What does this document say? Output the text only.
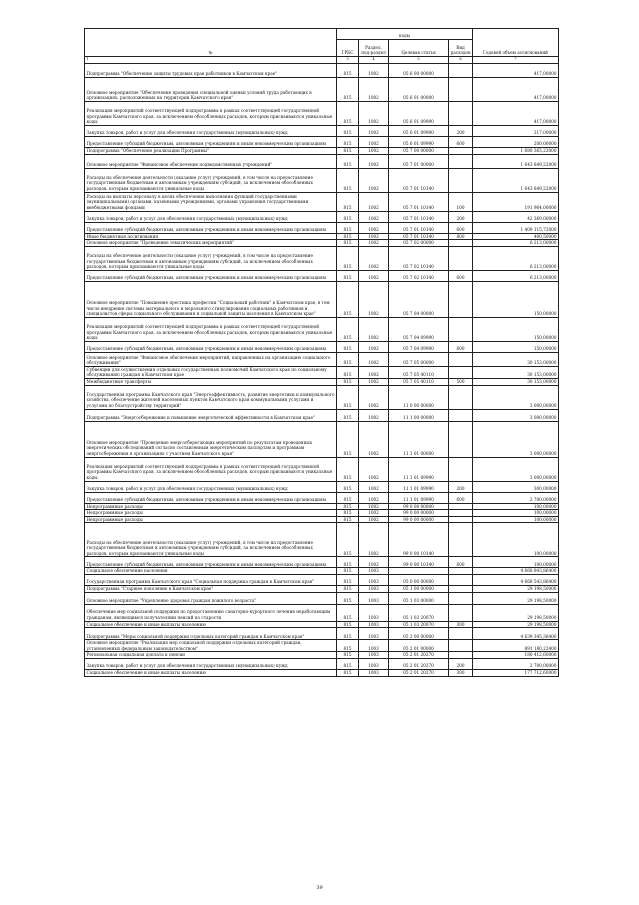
№	коды				Годовой объем ассигнований
	ГРБС	Раздел, под-раздел	Целевая статья	Вид расходов	
1	3	4	5	6	7
Подпрограмма "Обеспечение защиты трудовых прав работников в Камчатском крае"	815	1002	05 6 00 00000		417,00000
Основное мероприятие "Обеспечение проведения специальной оценки условий труда работающих в организациях, расположенных на территории Камчатского края"	815	1002	05 6 01 00000		417,00000
Реализация мероприятий соответствующей подпрограммы в рамках соответствующей государственной программы Камчатского края, за исключением обособленных расходов, которым присваиваются уникальные коды	815	1002	05 6 01 09990		417,00000
Закупка товаров, работ и услуг для обеспечения государственных (муниципальных) нужд	815	1002	05 6 01 09990	200	217,00000
Предоставление субсидий бюджетным, автономным учреждениям и иным некоммерческим организациям	815	1002	05 6 01 09990	600	200,00000
Подпрограмма "Обеспечение реализации Программы"	815	1002	05 7 00 00000		1 680 365,22000
Основное мероприятие "Финансовое обеспечение подведомственных учреждений"	815	1002	05 7 01 00000		1 643 849,22000
Расходы на обеспечение деятельности (оказание услуг) учреждений, в том числе на предоставление государственным бюджетным и автономным учреждениям субсидий, за исключением обособленных расходов, которым присваиваются уникальные коды	815	1002	05 7 01 10140		1 643 849,22000
Расходы на выплаты персоналу в целях обеспечения выполнения функций государственными (муниципальными) органами, казенными учреждениями, органами управления государственными внебюджетными фондами	815	1002	05 7 01 10140	100	191 964,00000
Закупка товаров, работ и услуг для обеспечения государственных (муниципальных) нужд	815	1002	05 7 01 10140	200	42 369,00000
Предоставление субсидий бюджетным, автономным учреждениям и иным некоммерческим организациям	815	1002	05 7 01 10140	600	1 409 115,72000
Иные бюджетные ассигнования	815	1002	05 7 01 10140	800	400,50000
Основное мероприятие "Проведение тематических мероприятий"	815	1002	05 7 02 00000		6 213,00000
Расходы на обеспечение деятельности (оказание услуг) учреждений, в том числе на предоставление государственным бюджетным и автономным учреждениям субсидий, за исключением обособленных расходов, которым присваиваются уникальные коды	815	1002	05 7 02 10140		6 213,00000
Предоставление субсидий бюджетным, автономным учреждениям и иным некоммерческим организациям	815	1002	05 7 02 10140	600	6 213,00000
Основное мероприятие "Повышение престижа профессии "Социальный работник" в Камчатском крае, в том числе внедрение системы материального и морального стимулирования социальных работников и специалистов сферы социального обслуживания и социальной защиты населения в Камчатском крае"	815	1002	05 7 04 00000		150,00000
Реализация мероприятий соответствующей подпрограммы в рамках соответствующей государственной программы Камчатского края, за исключением обособленных расходов, которым присваиваются уникальные коды	815	1002	05 7 04 09990		150,00000
Предоставление субсидий бюджетным, автономным учреждениям и иным некоммерческим организациям	815	1002	05 7 04 09990	600	150,00000
Основное мероприятие "Финансовое обеспечение мероприятий, направленных на организацию социального обслуживания"	815	1002	05 7 05 00000		30 153,00000
Субвенции для осуществления отдельных государственных полномочий Камчатского края по социальному обслуживанию граждан в Камчатском крае	815	1002	05 7 05 40110		30 153,00000
Межбюджетные трансферты	815	1002	05 7 05 40110	500	30 153,00000
Государственная программа Камчатского края "Энергоэффективность, развитие энергетики и коммунального хозяйства, обеспечение жителей населенных пунктов Камчатского края коммунальными услугами и услугами по благоустройству территорий"	815	1002	11 0 00 00000		3 000,00000
Подпрограмма "Энергосбережение и повышение энергетической эффективности в Камчатском крае"	815	1002	11 1 00 00000		3 000,00000
Основное мероприятие "Проведение энергосберегающих мероприятий по результатам проведенных энергетических обследований согласно составленным энергетическим паспортам и программам энергосбережения в организациях с участием Камчатского края"	815	1002	11 1 01 00000		3 000,00000
Реализация мероприятий соответствующей подпрограммы в рамках соответствующей государственной программы Камчатского края, за исключением обособленных расходов, которым присваиваются уникальные коды	815	1002	11 1 01 09990		3 000,00000
Закупка товаров, работ и услуг для обеспечения государственных (муниципальных) нужд	815	1002	11 1 01 09990	200	300,00000
Предоставление субсидий бюджетным, автономным учреждениям и иным некоммерческим организациям	815	1002	11 1 01 09990	600	2 700,00000
Непрограммные расходы	815	1002	99 0 00 00000		100,00000
Непрограммные расходы	815	1002	99 0 00 00000		100,00000
Непрограммные расходы	815	1002	99 0 00 00000		100,00000
Расходы на обеспечение деятельности (оказание услуг) учреждений, в том числе на предоставление государственным бюджетным и автономным учреждениям субсидий, за исключением обособленных расходов, которым присваиваются уникальные коды	815	1002	99 0 00 10140		100,00000
Предоставление субсидий бюджетным, автономным учреждениям и иным некоммерческим организациям	815	1002	99 0 00 10140	600	100,00000
Социальное обеспечение населения	815	1003			4 668 843,86400
Государственная программа Камчатского края "Социальная поддержка граждан в Камчатском крае"	815	1003	05 0 00 00000		4 668 543,86400
Подпрограмма "Старшее поколение в Камчатском крае"	815	1003	05 1 00 00000		29 198,50000
Основное мероприятие "Укрепление здоровья граждан пожилого возраста"	815	1003	05 1 03 00000		29 198,50000
Обеспечение мер социальной поддержки по предоставлению санаторно-курортного лечения неработающим гражданам, являющимся получателями пенсий по старости	815	1003	05 1 03 20070		29 198,50000
Социальное обеспечение и иные выплаты населению	815	1003	05 1 03 20070	300	29 198,50000
Подпрограмма "Меры социальной поддержки отдельных категорий граждан в Камчатском крае"	815	1003	05 2 00 00000		4 639 345,36400
Основное мероприятие "Реализация мер социальной поддержки отдельных категорий граждан, установленных федеральным законодательством"	815	1003	05 2 01 00000		891 180,22400
Региональная социальная доплата к пенсии	815	1003	05 2 01 20270		180 412,60000
Закупка товаров, работ и услуг для обеспечения государственных (муниципальных) нужд	815	1003	05 2 01 20270	200	2 700,00000
Социальное обеспечение и иные выплаты населению	815	1003	05 2 01 20270	300	177 712,60000
39
